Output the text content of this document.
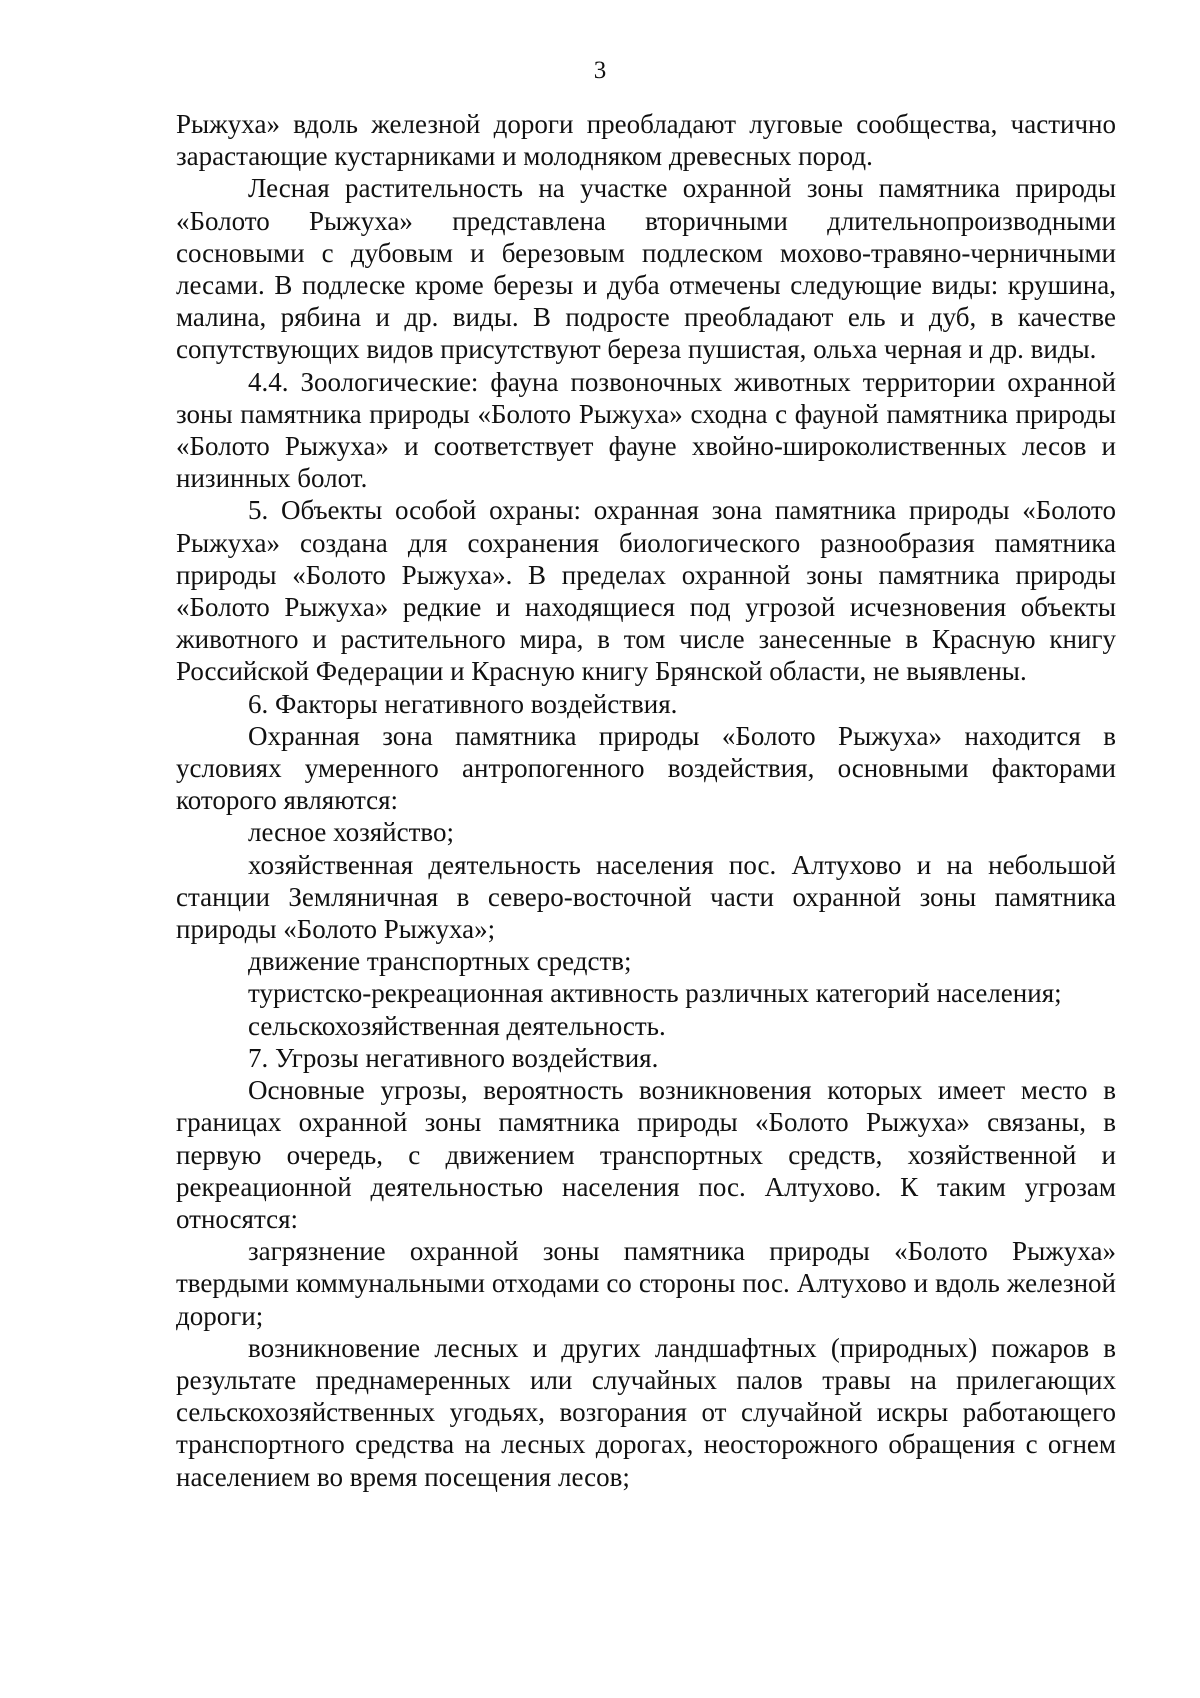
3

Рыжуха» вдоль железной дороги преобладают луговые сообщества, частично зарастающие кустарниками и молодняком древесных пород.

Лесная растительность на участке охранной зоны памятника природы «Болото Рыжуха» представлена вторичными длительнопроизводными сосновыми с дубовым и березовым подлеском мохово-травяно-черничными лесами. В подлеске кроме березы и дуба отмечены следующие виды: крушина, малина, рябина и др. виды. В подросте преобладают ель и дуб, в качестве сопутствующих видов присутствуют береза пушистая, ольха черная и др. виды.

4.4. Зоологические: фауна позвоночных животных территории охранной зоны памятника природы «Болото Рыжуха» сходна с фауной памятника природы «Болото Рыжуха» и соответствует фауне хвойно-широколиственных лесов и низинных болот.

5. Объекты особой охраны: охранная зона памятника природы «Болото Рыжуха» создана для сохранения биологического разнообразия памятника природы «Болото Рыжуха». В пределах охранной зоны памятника природы «Болото Рыжуха» редкие и находящиеся под угрозой исчезновения объекты животного и растительного мира, в том числе занесенные в Красную книгу Российской Федерации и Красную книгу Брянской области, не выявлены.

6. Факторы негативного воздействия.

Охранная зона памятника природы «Болото Рыжуха» находится в условиях умеренного антропогенного воздействия, основными факторами которого являются:

лесное хозяйство;

хозяйственная деятельность населения пос. Алтухово и на небольшой станции Земляничная в северо-восточной части охранной зоны памятника природы «Болото Рыжуха»;

движение транспортных средств;

туристско-рекреационная активность различных категорий населения;

сельскохозяйственная деятельность.

7. Угрозы негативного воздействия.

Основные угрозы, вероятность возникновения которых имеет место в границах охранной зоны памятника природы «Болото Рыжуха» связаны, в первую очередь, с движением транспортных средств, хозяйственной и рекреационной деятельностью населения пос. Алтухово. К таким угрозам относятся:

загрязнение охранной зоны памятника природы «Болото Рыжуха» твердыми коммунальными отходами со стороны пос. Алтухово и вдоль железной дороги;

возникновение лесных и других ландшафтных (природных) пожаров в результате преднамеренных или случайных палов травы на прилегающих сельскохозяйственных угодьях, возгорания от случайной искры работающего транспортного средства на лесных дорогах, неосторожного обращения с огнем населением во время посещения лесов;
